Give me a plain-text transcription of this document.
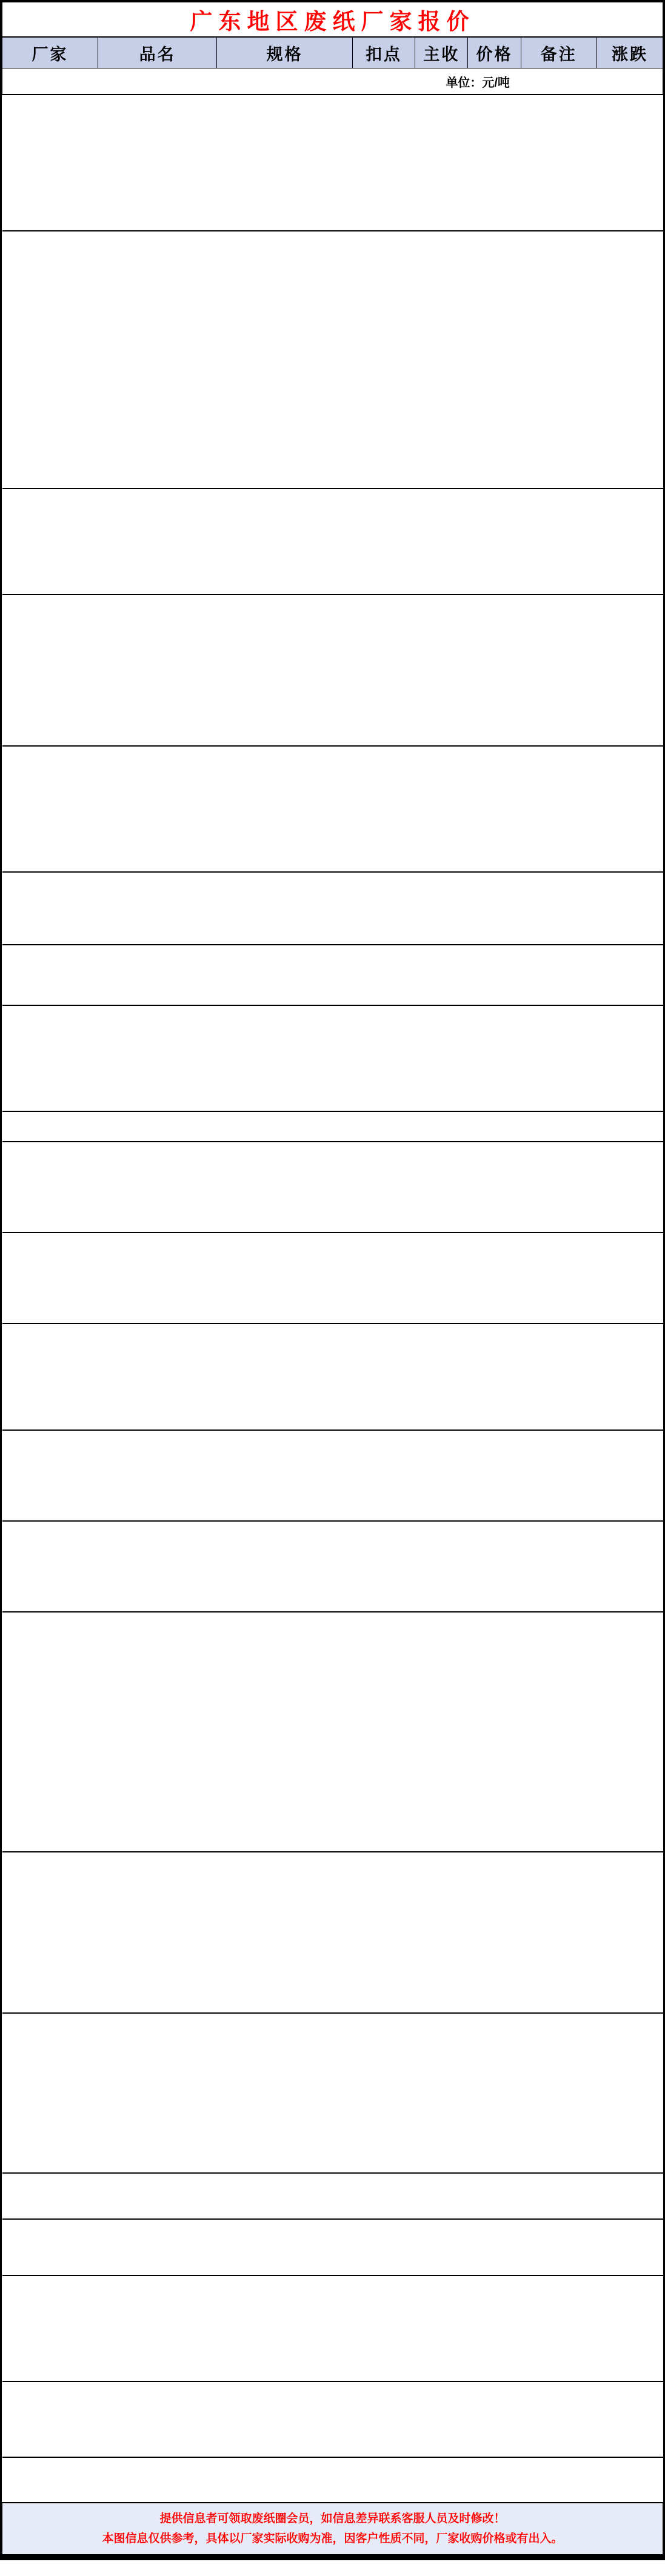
广东地区废纸厂家报价
厂家	品名	规格	扣点	主收	价格	备注	涨跌
单位：元/吨

提供信息者可领取废纸圈会员，如信息差异联系客服人员及时修改！
本图信息仅供参考，具体以厂家实际收购为准，因客户性质不同，厂家收购价格或有出入。
